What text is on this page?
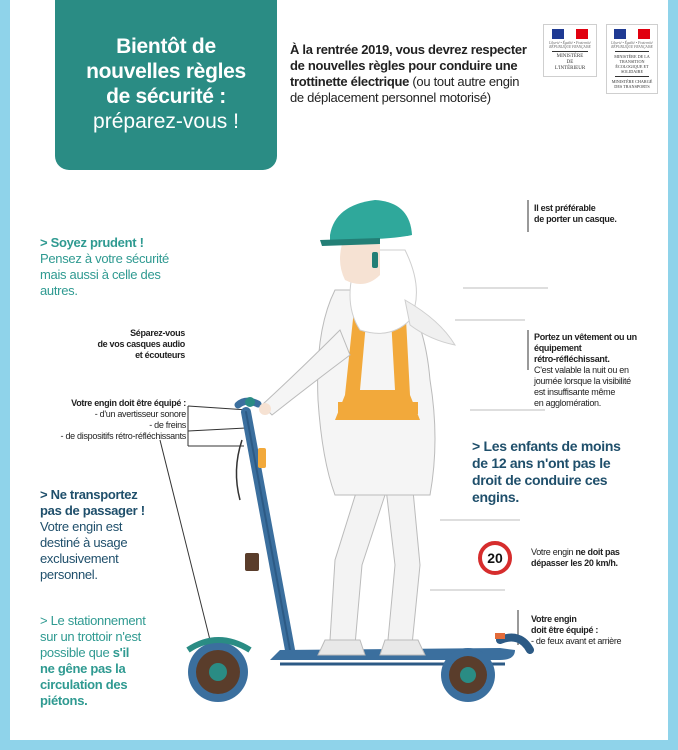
Bientôt de
nouvelles règles
de sécurité :
préparez-vous !
À la rentrée 2019, vous devrez respecter de nouvelles règles pour conduire une trottinette électrique (ou tout autre engin de déplacement personnel motorisé)
Liberté • Égalité • Fraternité RÉPUBLIQUE FRANÇAISE
MINISTÈRE
DE
L'INTÉRIEUR
Liberté • Égalité • Fraternité RÉPUBLIQUE FRANÇAISE
MINISTÈRE DE LA TRANSITION ÉCOLOGIQUE ET SOLIDAIRE
MINISTÈRE CHARGÉ DES TRANSPORTS
> Soyez prudent !
Pensez à votre sécurité
mais aussi à celle des
autres.
Séparez-vous
de vos casques audio
et écouteurs
Votre engin doit être équipé :
- d'un avertisseur sonore
- de freins
- de dispositifs rétro-réfléchissants
> Ne transportez
pas de passager !
Votre engin est
destiné à usage
exclusivement
personnel.
> Le stationnement
sur un trottoir n'est
possible que s'il
ne gêne pas la
circulation des
piétons.
Il est préférable
de porter un casque.
Portez un vêtement ou un
équipement
rétro-réfléchissant.
C'est valable la nuit ou en
journée lorsque la visibilité
est insuffisante même
en agglomération.
> Les enfants de moins
de 12 ans n'ont pas le
droit de conduire ces
engins.
20	Votre engin ne doit pas
dépasser les 20 km/h.
Votre engin
doit être équipé :
- de feux avant et arrière
